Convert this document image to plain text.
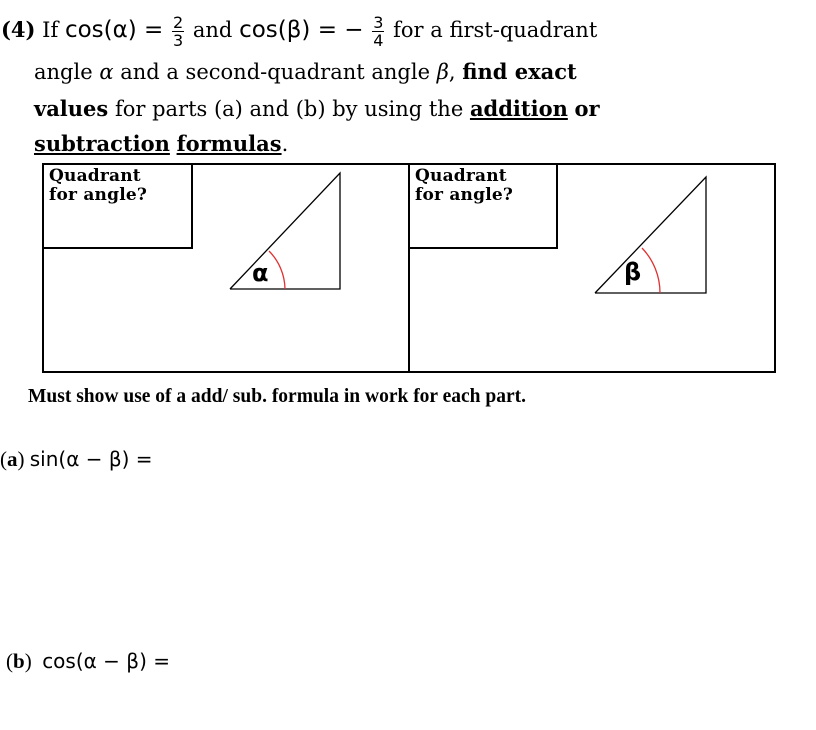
(4) If $\cos(\alpha) = \frac{2}{3}$ and cos(β) = − $\frac{3}{4}$ for a first-quadrant
angle α and a second-quadrant angle β, find exact
values for parts (a) and (b) by using the addition or
subtraction formulas.
Quadrant
for angle?
Quadrant
for angle?
α	β
Must show use of a add/ sub. formula in work for each part.
(a) sin(α − β) =
(b)  cos(α − β) =
